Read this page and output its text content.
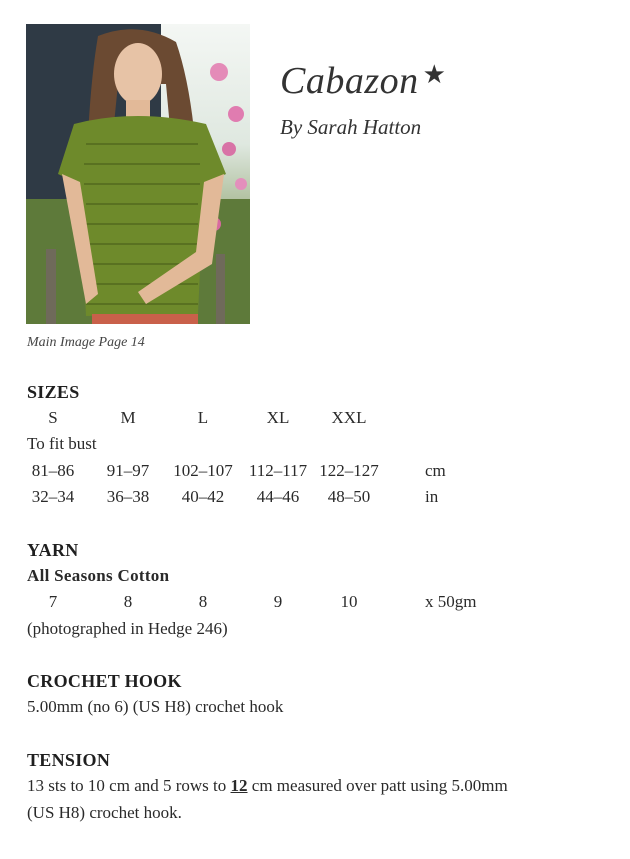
Cabazon ★
By Sarah Hatton
Main Image Page 14
SIZES
S	M	L	XL XXL
To fit bust
81–86 91–97 102–107 112–117 122–127	cm
32–34 36–38 40–42 44–46 48–50	in
YARN
All Seasons Cotton
7	8	8	9	10	x 50gm
(photographed in Hedge 246)
CROCHET HOOK
5.00mm (no 6) (US H8) crochet hook
TENSION
13 sts to 10 cm and 5 rows to 12 cm measured over patt using 5.00mm
(US H8) crochet hook.
